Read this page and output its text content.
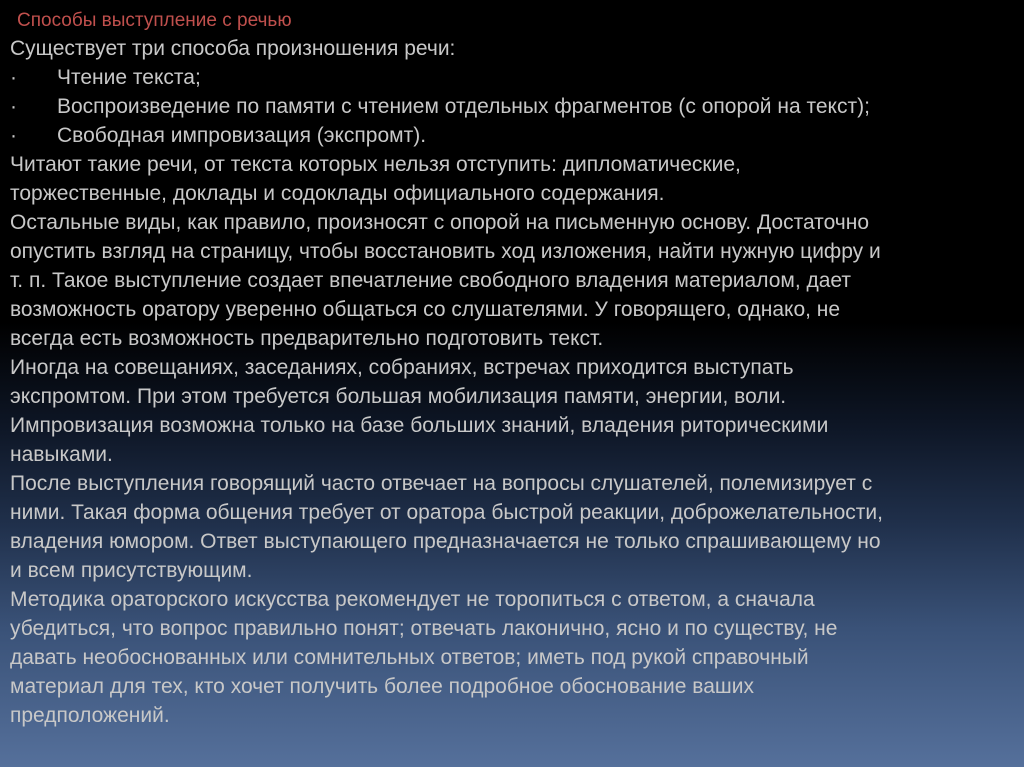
Способы выступление с речью
Существует три способа произношения речи:
·	Чтение текста;
·	Воспроизведение по памяти с чтением отдельных фрагментов (с опорой на текст);
·	Свободная импровизация (экспромт).
Читают такие речи, от текста которых нельзя отступить: дипломатические,
торжественные, доклады и содоклады официального содержания.
Остальные виды, как правило, произносят с опорой на письменную основу. Достаточно
опустить взгляд на страницу, чтобы восстановить ход изложения, найти нужную цифру и
т. п. Такое выступление создает впечатление свободного владения материалом, дает
возможность оратору уверенно общаться со слушателями. У говорящего, однако, не
всегда есть возможность предварительно подготовить текст.
Иногда на совещаниях, заседаниях, собраниях, встречах приходится выступать
экспромтом. При этом требуется большая мобилизация памяти, энергии, воли.
Импровизация возможна только на базе больших знаний, владения риторическими
навыками.
После выступления говорящий часто отвечает на вопросы слушателей, полемизирует с
ними. Такая форма общения требует от оратора быстрой реакции, доброжелательности,
владения юмором. Ответ выступающего предназначается не только спрашивающему но
и всем присутствующим.
Методика ораторского искусства рекомендует не торопиться с ответом, а сначала
убедиться, что вопрос правильно понят; отвечать лаконично, ясно и по существу, не
давать необоснованных или сомнительных ответов; иметь под рукой справочный
материал для тех, кто хочет получить более подробное обоснование ваших
предположений.
